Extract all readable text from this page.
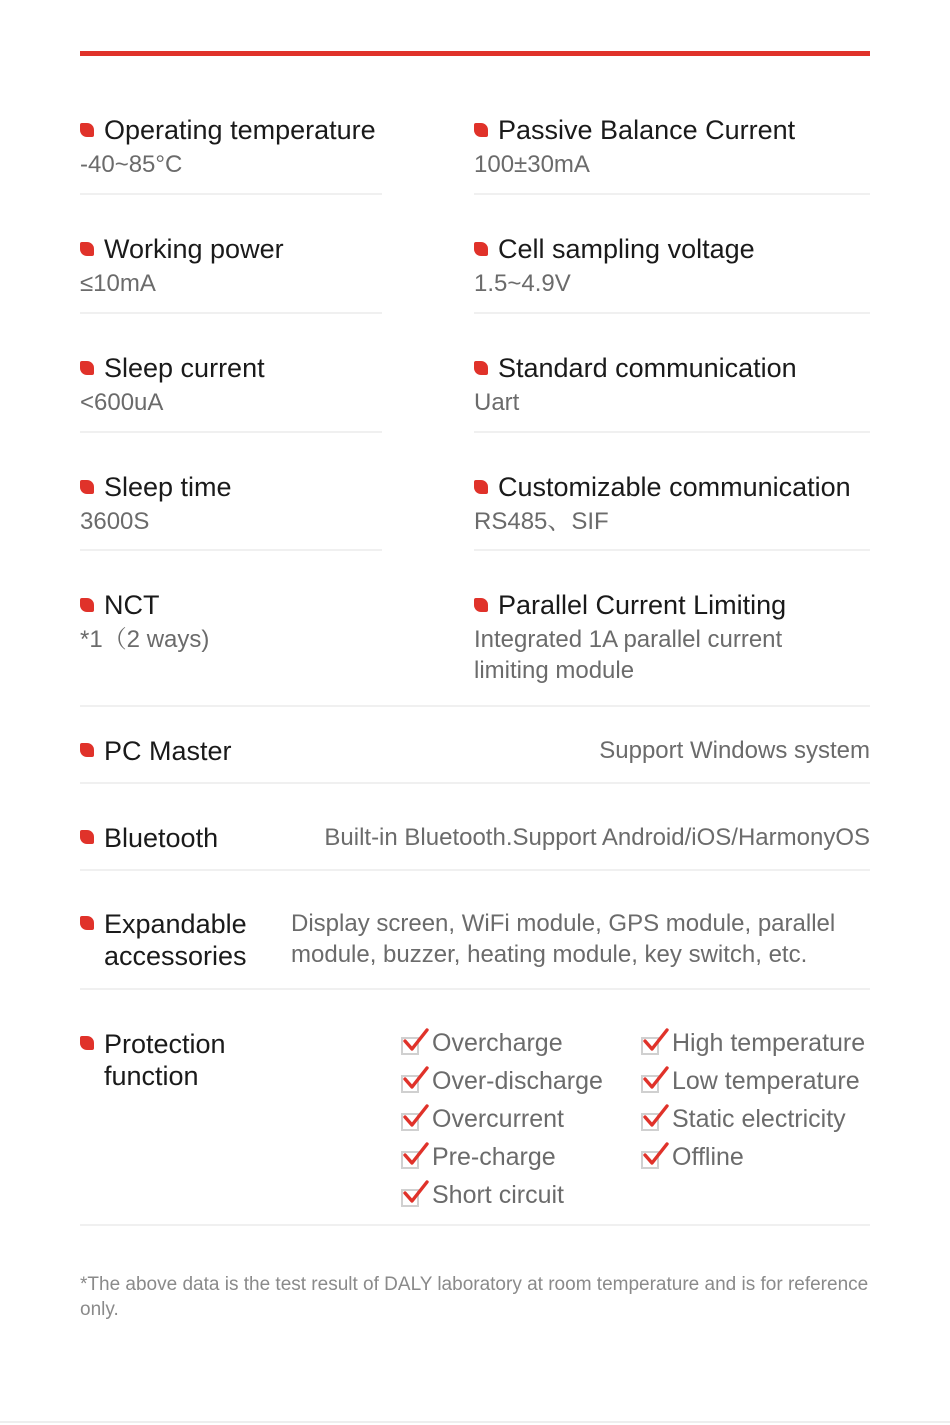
Operating temperature
-40~85°C
Passive Balance Current
100±30mA
Working power
≤10mA
Cell sampling voltage
1.5~4.9V
Sleep current
<600uA
Standard communication
Uart
Sleep time
3600S
Customizable communication
RS485、SIF
NCT
*1（2 ways)
Parallel Current Limiting
Integrated 1A parallel current limiting module
PC Master	Support Windows system
Bluetooth	Built-in Bluetooth.Support Android/iOS/HarmonyOS
Expandable accessories
Display screen, WiFi module, GPS module, parallel module, buzzer, heating module, key switch, etc.
Protection function
Overcharge
Over-discharge
Overcurrent
Pre-charge
Short circuit
High temperature
Low temperature
Static electricity
Offline
*The above data is the test result of DALY laboratory at room temperature and is for reference only.
